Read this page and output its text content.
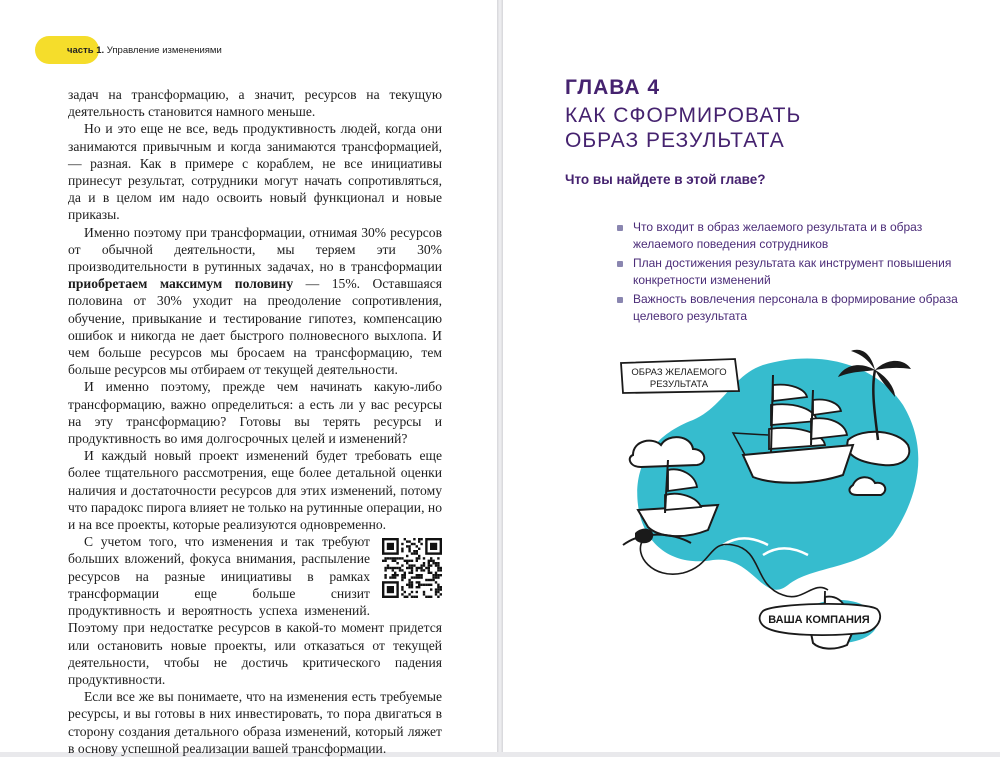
часть 1. Управление изменениями

задач на трансформацию, а значит, ресурсов на текущую деятельность становится намного меньше.

Но и это еще не все, ведь продуктивность людей, когда они занимаются привычным и когда занимаются трансформацией, — разная. Как в примере с кораблем, не все инициативы принесут результат, сотрудники могут начать сопротивляться, да и в целом им надо освоить новый функционал и новые приказы.

Именно поэтому при трансформации, отнимая 30% ресурсов от обычной деятельности, мы теряем эти 30% производительности в рутинных задачах, но в трансформации приобретаем максимум половину — 15%. Оставшаяся половина от 30% уходит на преодоление сопротивления, обучение, привыкание и тестирование гипотез, компенсацию ошибок и никогда не дает быстрого полновесного выхлопа. И чем больше ресурсов мы бросаем на трансформацию, тем больше ресурсов мы отбираем от текущей деятельности.

И именно поэтому, прежде чем начинать какую-либо трансформацию, важно определиться: а есть ли у вас ресурсы на эту трансформацию? Готовы вы терять ресурсы и продуктивность во имя долгосрочных целей и изменений?

И каждый новый проект изменений будет требовать еще более тщательного рассмотрения, еще более детальной оценки наличия и достаточности ресурсов для этих изменений, потому что парадокс пирога влияет не только на рутинные операции, но и на все проекты, которые реализуются одновременно.

С учетом того, что изменения и так требуют больших вложений, фокуса внимания, распыление ресурсов на разные инициативы в рамках трансформации еще больше снизит продуктивность и вероятность успеха изменений. Поэтому при недостатке ресурсов в какой-то момент придется или остановить новые проекты, или отказаться от текущей деятельности, чтобы не достичь критического падения продуктивности.

Если все же вы понимаете, что на изменения есть требуемые ресурсы, и вы готовы в них инвестировать, то пора двигаться в сторону создания детального образа изменений, который ляжет в основу успешной реализации вашей трансформации.

ГЛАВА 4
КАК СФОРМИРОВАТЬ
ОБРАЗ РЕЗУЛЬТАТА
Что вы найдете в этой главе?
Что входит в образ желаемого результата и в образ желаемого поведения сотрудников
План достижения результата как инструмент повышения конкретности изменений
Важность вовлечения персонала в формирование образа целевого результата
ОБРАЗ ЖЕЛАЕМОГО
РЕЗУЛЬТАТА
ВАША КОМПАНИЯ
